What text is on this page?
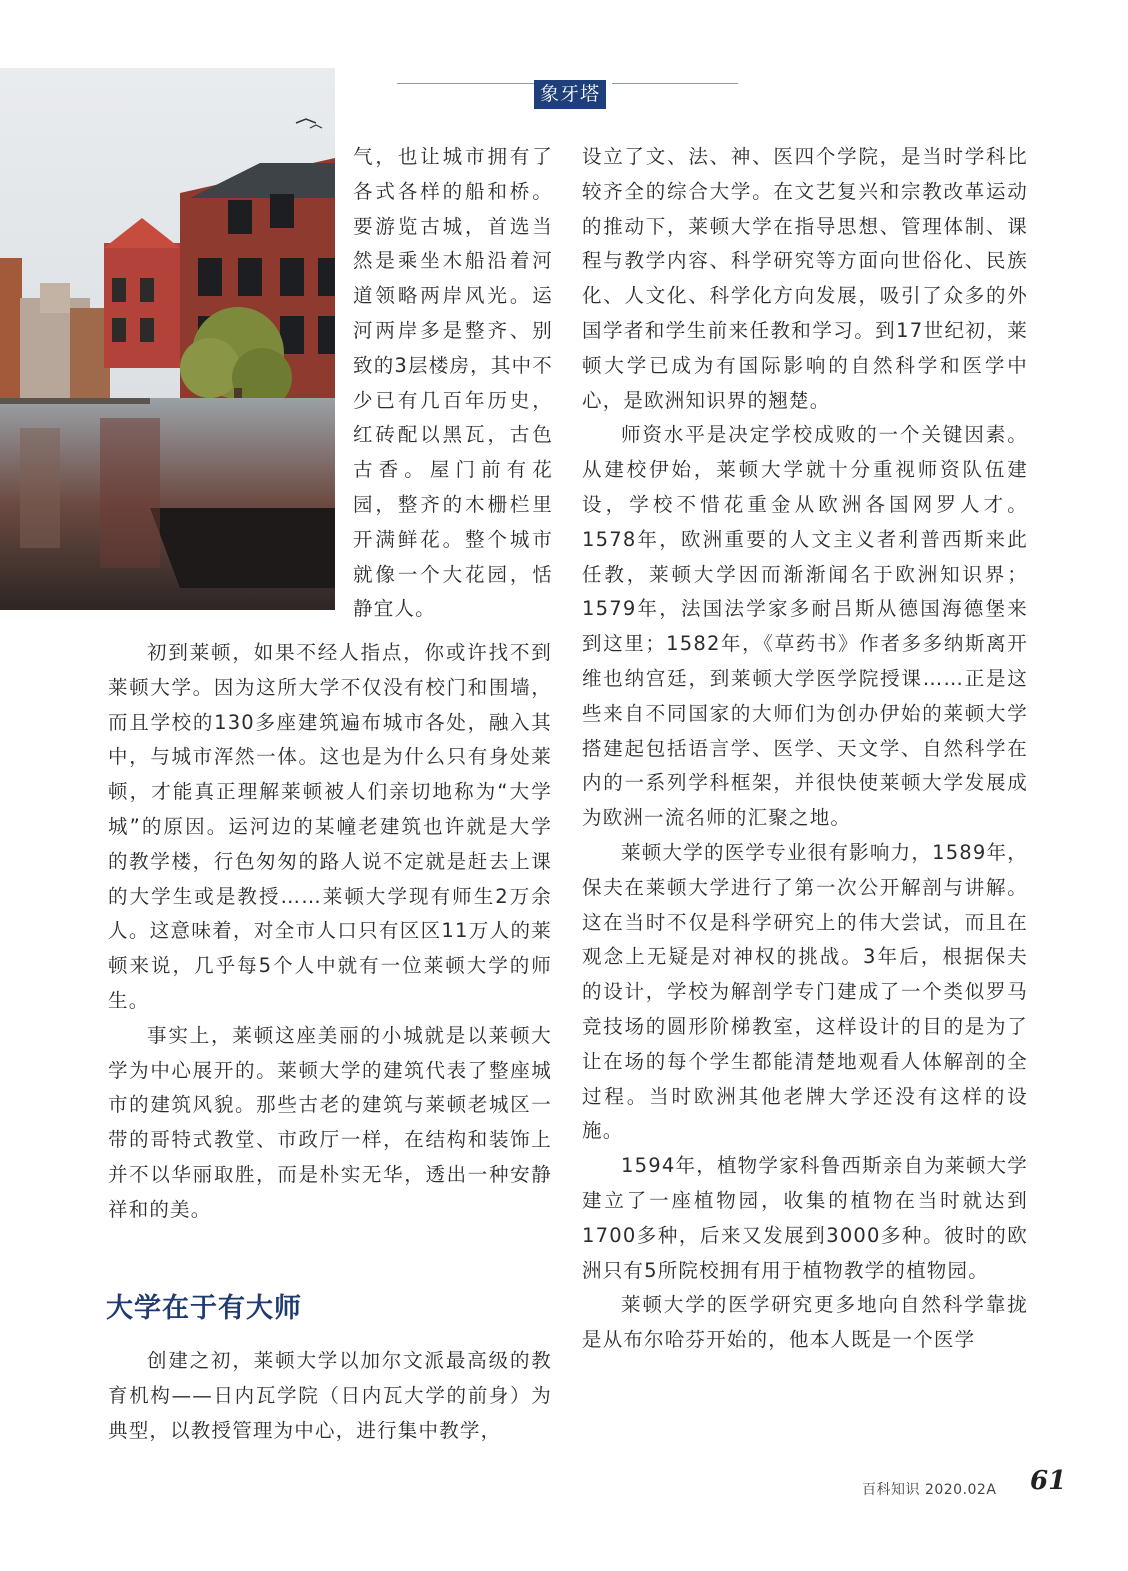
象牙塔

气，也让城市拥有了各式各样的船和桥。要游览古城，首选当然是乘坐木船沿着河道领略两岸风光。运河两岸多是整齐、别致的3层楼房，其中不少已有几百年历史，红砖配以黑瓦，古色古香。屋门前有花园，整齐的木栅栏里开满鲜花。整个城市就像一个大花园，恬静宜人。

初到莱顿，如果不经人指点，你或许找不到莱顿大学。因为这所大学不仅没有校门和围墙，而且学校的130多座建筑遍布城市各处，融入其中，与城市浑然一体。这也是为什么只有身处莱顿，才能真正理解莱顿被人们亲切地称为“大学城”的原因。运河边的某幢老建筑也许就是大学的教学楼，行色匆匆的路人说不定就是赶去上课的大学生或是教授……莱顿大学现有师生2万余人。这意味着，对全市人口只有区区11万人的莱顿来说，几乎每5个人中就有一位莱顿大学的师生。

事实上，莱顿这座美丽的小城就是以莱顿大学为中心展开的。莱顿大学的建筑代表了整座城市的建筑风貌。那些古老的建筑与莱顿老城区一带的哥特式教堂、市政厅一样，在结构和装饰上并不以华丽取胜，而是朴实无华，透出一种安静祥和的美。

大学在于有大师

创建之初，莱顿大学以加尔文派最高级的教育机构——日内瓦学院（日内瓦大学的前身）为典型，以教授管理为中心，进行集中教学，

设立了文、法、神、医四个学院，是当时学科比较齐全的综合大学。在文艺复兴和宗教改革运动的推动下，莱顿大学在指导思想、管理体制、课程与教学内容、科学研究等方面向世俗化、民族化、人文化、科学化方向发展，吸引了众多的外国学者和学生前来任教和学习。到17世纪初，莱顿大学已成为有国际影响的自然科学和医学中心，是欧洲知识界的翘楚。

师资水平是决定学校成败的一个关键因素。从建校伊始，莱顿大学就十分重视师资队伍建设，学校不惜花重金从欧洲各国网罗人才。1578年，欧洲重要的人文主义者利普西斯来此任教，莱顿大学因而渐渐闻名于欧洲知识界；1579年，法国法学家多耐吕斯从德国海德堡来到这里；1582年，《草药书》作者多多纳斯离开维也纳宫廷，到莱顿大学医学院授课……正是这些来自不同国家的大师们为创办伊始的莱顿大学搭建起包括语言学、医学、天文学、自然科学在内的一系列学科框架，并很快使莱顿大学发展成为欧洲一流名师的汇聚之地。

莱顿大学的医学专业很有影响力，1589年，保夫在莱顿大学进行了第一次公开解剖与讲解。这在当时不仅是科学研究上的伟大尝试，而且在观念上无疑是对神权的挑战。3年后，根据保夫的设计，学校为解剖学专门建成了一个类似罗马竞技场的圆形阶梯教室，这样设计的目的是为了让在场的每个学生都能清楚地观看人体解剖的全过程。当时欧洲其他老牌大学还没有这样的设施。

1594年，植物学家科鲁西斯亲自为莱顿大学建立了一座植物园，收集的植物在当时就达到1700多种，后来又发展到3000多种。彼时的欧洲只有5所院校拥有用于植物教学的植物园。

莱顿大学的医学研究更多地向自然科学靠拢是从布尔哈芬开始的，他本人既是一个医学

百科知识 2020.02A 61
